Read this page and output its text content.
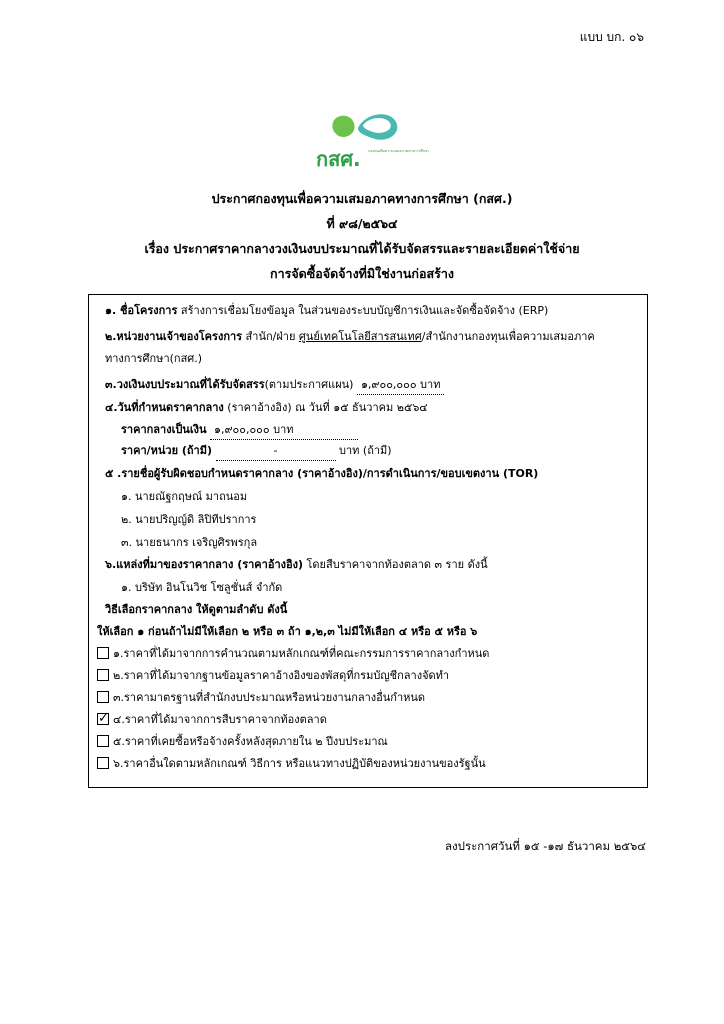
แบบ บก. ๐๖
กสศ. กองทุนเพื่อความเสมอภาคทางการศึกษา
ประกาศกองทุนเพื่อความเสมอภาคทางการศึกษา (กสศ.)
ที่ ๙๘/๒๕๖๔
เรื่อง ประกาศราคากลางวงเงินงบประมาณที่ได้รับจัดสรรและรายละเอียดค่าใช้จ่าย
การจัดซื้อจัดจ้างที่มิใช่งานก่อสร้าง
๑. ชื่อโครงการ สร้างการเชื่อมโยงข้อมูล ในส่วนของระบบบัญชีการเงินและจัดซื้อจัดจ้าง (ERP)
๒.หน่วยงานเจ้าของโครงการ สำนัก/ฝ่าย ศูนย์เทคโนโลยีสารสนเทศ/สำนักงานกองทุนเพื่อความเสมอภาค
ทางการศึกษา(กสศ.)
๓.วงเงินงบประมาณที่ได้รับจัดสรร(ตามประกาศแผน) ๑,๙๐๐,๐๐๐ บาท
๔.วันที่กำหนดราคากลาง (ราคาอ้างอิง) ณ วันที่ ๑๕ ธันวาคม ๒๕๖๔
ราคากลางเป็นเงิน ๑,๙๐๐,๐๐๐ บาท
ราคา/หน่วย (ถ้ามี)	-	บาท (ถ้ามี)
๕ .รายชื่อผู้รับผิดชอบกำหนดราคากลาง (ราคาอ้างอิง)/การดำเนินการ/ขอบเขตงาน (TOR)
๑. นายณัฐกฤษณ์ มาถนอม
๒. นายปริญญ์ดิ ลิปิทีปราการ
๓. นายธนากร เจริญศิรพรกุล
๖.แหล่งที่มาของราคากลาง (ราคาอ้างอิง) โดยสืบราคาจากท้องตลาด ๓ ราย ดังนี้
๑. บริษัท อินโนวิช โซลูชั่นส์ จำกัด
วิธีเลือกราคากลาง ให้ดูตามลำดับ ดังนี้
ให้เลือก ๑ ก่อนถ้าไม่มีให้เลือก ๒ หรือ ๓ ถ้า ๑,๒,๓ ไม่มีให้เลือก ๔ หรือ ๕ หรือ ๖
๑.ราคาที่ได้มาจากการคำนวณตามหลักเกณฑ์ที่คณะกรรมการราคากลางกำหนด
๒.ราคาที่ได้มาจากฐานข้อมูลราคาอ้างอิงของพัสดุที่กรมบัญชีกลางจัดทำ
๓.ราคามาตรฐานที่สำนักงบประมาณหรือหน่วยงานกลางอื่นกำหนด
✓๔.ราคาที่ได้มาจากการสืบราคาจากท้องตลาด
๕.ราคาที่เคยซื้อหรือจ้างครั้งหลังสุดภายใน ๒ ปีงบประมาณ
๖.ราคาอื่นใดตามหลักเกณฑ์ วิธีการ หรือแนวทางปฏิบัติของหน่วยงานของรัฐนั้น
ลงประกาศวันที่ ๑๕ -๑๗ ธันวาคม ๒๕๖๔
